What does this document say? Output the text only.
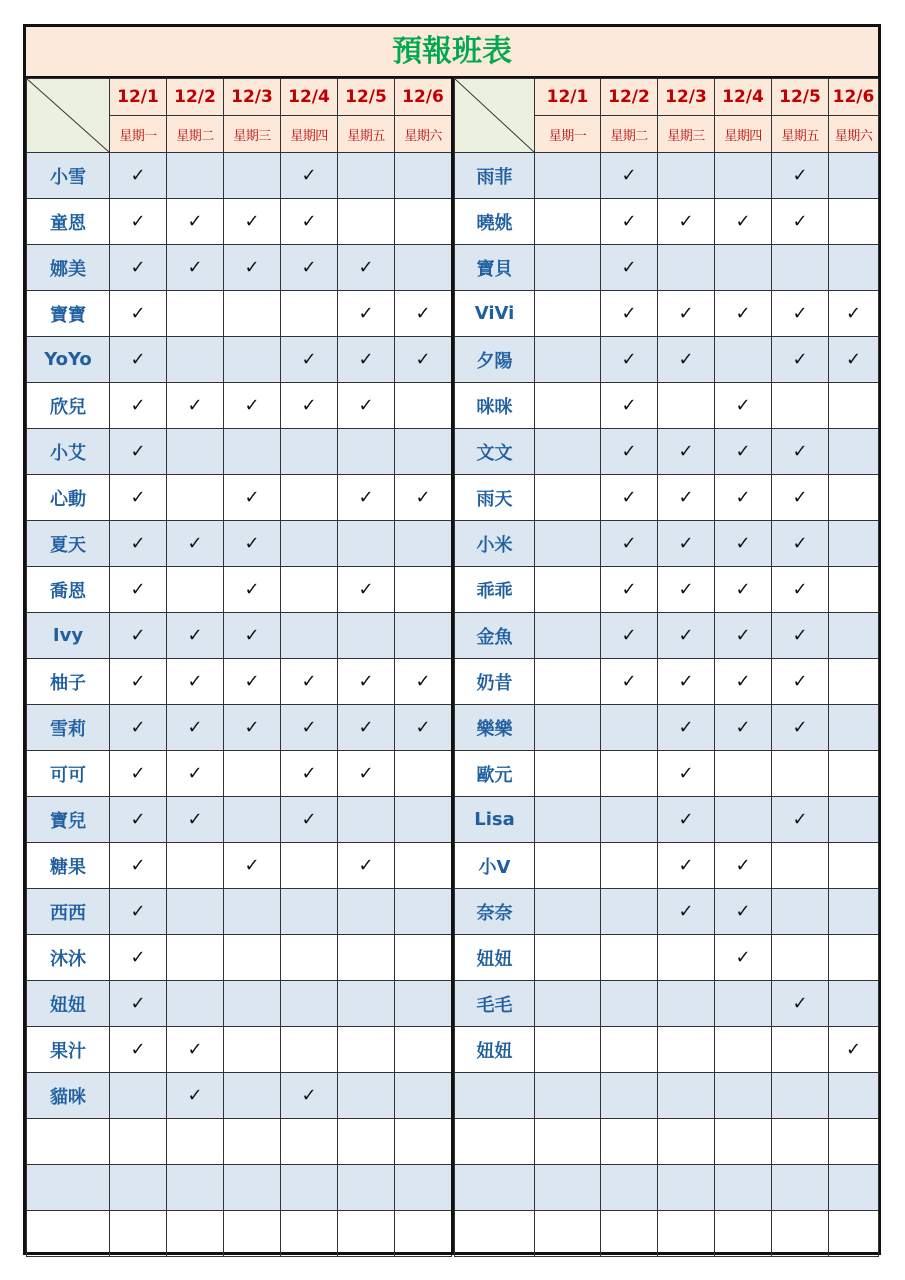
預報班表
	12/1	12/2	12/3	12/4	12/5	12/6
	星期一	星期二	星期三	星期四	星期五	星期六
小雪	✓			✓		
童恩	✓	✓	✓	✓		
娜美	✓	✓	✓	✓	✓	
寶寶	✓				✓	✓
YoYo	✓			✓	✓	✓
欣兒	✓	✓	✓	✓	✓	
小艾	✓					
心動	✓		✓		✓	✓
夏天	✓	✓	✓			
喬恩	✓		✓		✓	
Ivy	✓	✓	✓			
柚子	✓	✓	✓	✓	✓	✓
雪莉	✓	✓	✓	✓	✓	✓
可可	✓	✓		✓	✓	
寶兒	✓	✓		✓		
糖果	✓		✓		✓	
西西	✓					
沐沐	✓					
妞妞	✓					
果汁	✓	✓				
貓咪		✓		✓		

	12/1	12/2	12/3	12/4	12/5	12/6
	星期一	星期二	星期三	星期四	星期五	星期六
雨菲		✓			✓	
曉姚		✓	✓	✓	✓	
寶貝		✓				
ViVi		✓	✓	✓	✓	✓
夕陽		✓	✓		✓	✓
咪咪		✓		✓		
文文		✓	✓	✓	✓	
雨天		✓	✓	✓	✓	
小米		✓	✓	✓	✓	
乖乖		✓	✓	✓	✓	
金魚		✓	✓	✓	✓	
奶昔		✓	✓	✓	✓	
樂樂			✓	✓	✓	
歐元			✓			
Lisa			✓		✓	
小V			✓	✓		
奈奈			✓	✓		
妞妞				✓		
毛毛					✓	
妞妞						✓
